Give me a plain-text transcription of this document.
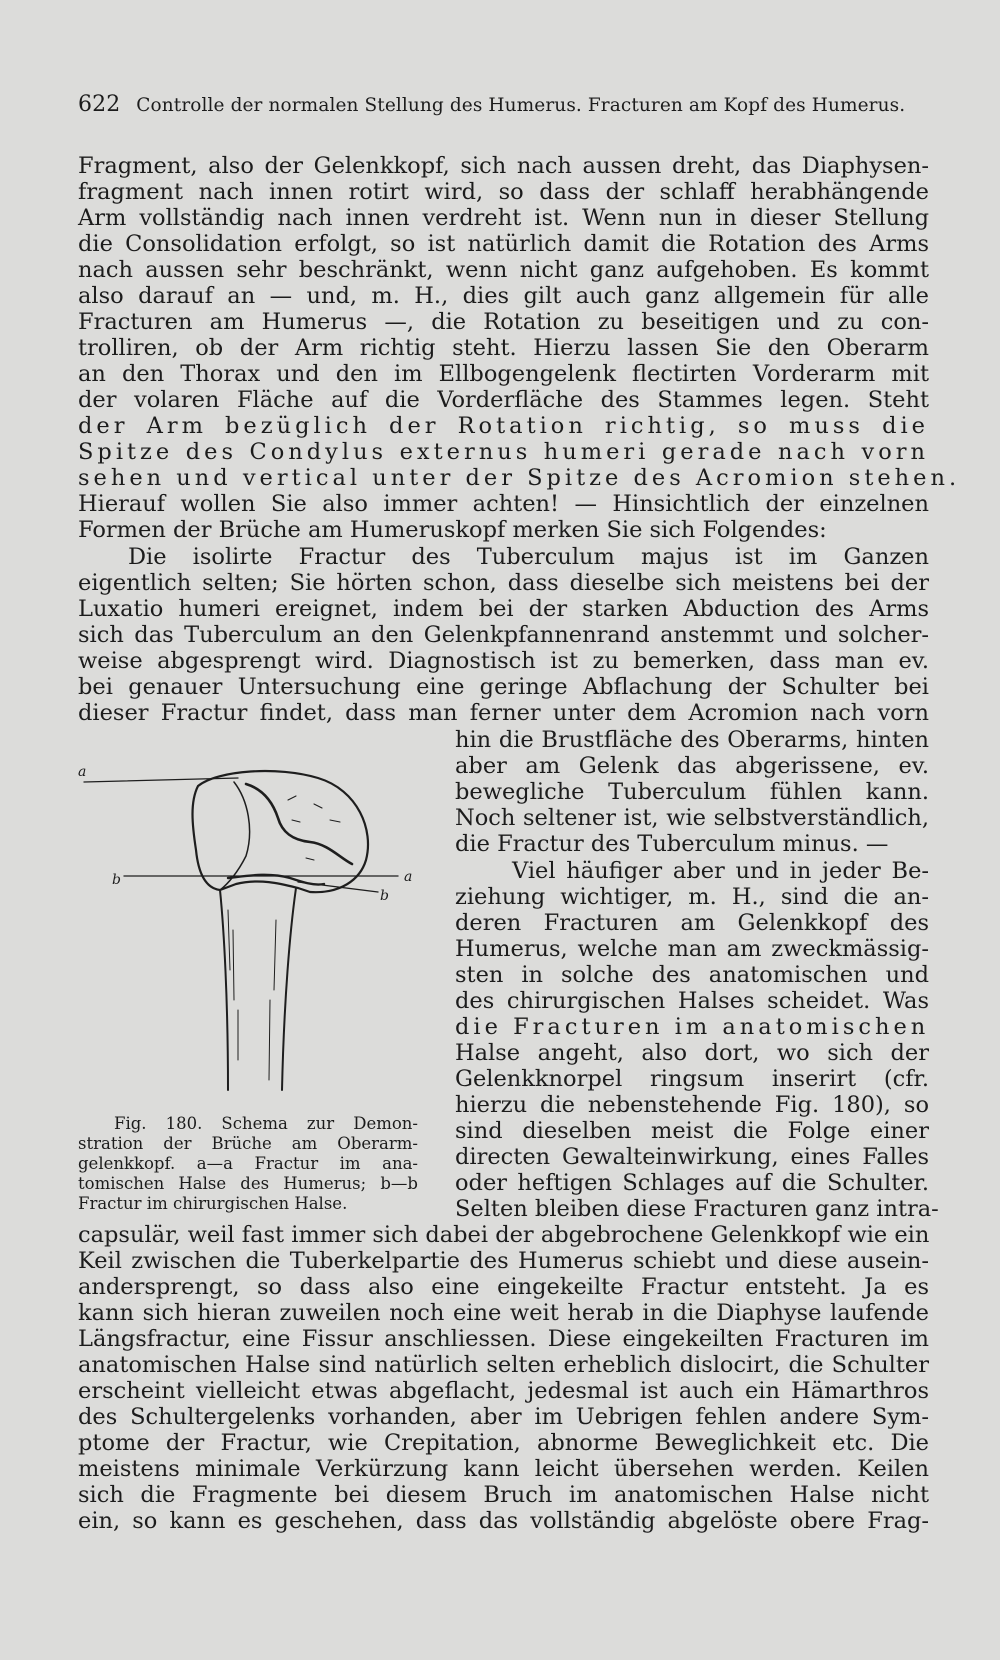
622 Controlle der normalen Stellung des Humerus. Fracturen am Kopf des Humerus.
Fragment, also der Gelenkkopf, sich nach aussen dreht, das Diaphysen-
fragment nach innen rotirt wird, so dass der schlaff herabhängende
Arm vollständig nach innen verdreht ist. Wenn nun in dieser Stellung
die Consolidation erfolgt, so ist natürlich damit die Rotation des Arms
nach aussen sehr beschränkt, wenn nicht ganz aufgehoben. Es kommt
also darauf an — und, m. H., dies gilt auch ganz allgemein für alle
Fracturen am Humerus —, die Rotation zu beseitigen und zu con-
trolliren, ob der Arm richtig steht. Hierzu lassen Sie den Oberarm
an den Thorax und den im Ellbogengelenk flectirten Vorderarm mit
der volaren Fläche auf die Vorderfläche des Stammes legen. Steht
der Arm bezüglich der Rotation richtig, so muss die
Spitze des Condylus externus humeri gerade nach vorn
sehen und vertical unter der Spitze des Acromion stehen.
Hierauf wollen Sie also immer achten! — Hinsichtlich der einzelnen
Formen der Brüche am Humeruskopf merken Sie sich Folgendes:
Die isolirte Fractur des Tuberculum majus ist im Ganzen
eigentlich selten; Sie hörten schon, dass dieselbe sich meistens bei der
Luxatio humeri ereignet, indem bei der starken Abduction des Arms
sich das Tuberculum an den Gelenkpfannenrand anstemmt und solcher-
weise abgesprengt wird. Diagnostisch ist zu bemerken, dass man ev.
bei genauer Untersuchung eine geringe Abflachung der Schulter bei
dieser Fractur findet, dass man ferner unter dem Acromion nach vorn
hin die Brustfläche des Oberarms, hinten
aber am Gelenk das abgerissene, ev.
bewegliche Tuberculum fühlen kann.
Noch seltener ist, wie selbstverständlich,
die Fractur des Tuberculum minus. —
Viel häufiger aber und in jeder Be-
ziehung wichtiger, m. H., sind die an-
deren Fracturen am Gelenkkopf des
Humerus, welche man am zweckmässig-
sten in solche des anatomischen und
des chirurgischen Halses scheidet. Was
die Fracturen im anatomischen
Halse angeht, also dort, wo sich der
Gelenkknorpel ringsum inserirt (cfr.
hierzu die nebenstehende Fig. 180), so
sind dieselben meist die Folge einer
directen Gewalteinwirkung, eines Falles
oder heftigen Schlages auf die Schulter.
Selten bleiben diese Fracturen ganz intra-
capsulär, weil fast immer sich dabei der abgebrochene Gelenkkopf wie ein
Keil zwischen die Tuberkelpartie des Humerus schiebt und diese ausein-
andersprengt, so dass also eine eingekeilte Fractur entsteht. Ja es
kann sich hieran zuweilen noch eine weit herab in die Diaphyse laufende
Längsfractur, eine Fissur anschliessen. Diese eingekeilten Fracturen im
anatomischen Halse sind natürlich selten erheblich dislocirt, die Schulter
erscheint vielleicht etwas abgeflacht, jedesmal ist auch ein Hämarthros
des Schultergelenks vorhanden, aber im Uebrigen fehlen andere Sym-
ptome der Fractur, wie Crepitation, abnorme Beweglichkeit etc. Die
meistens minimale Verkürzung kann leicht übersehen werden. Keilen
sich die Fragmente bei diesem Bruch im anatomischen Halse nicht
ein, so kann es geschehen, dass das vollständig abgelöste obere Frag-
a
a
b
b
Fig. 180. Schema zur Demon-
stration der Brüche am Oberarm-
gelenkkopf. a—a Fractur im ana-
tomischen Halse des Humerus; b—b
Fractur im chirurgischen Halse.
